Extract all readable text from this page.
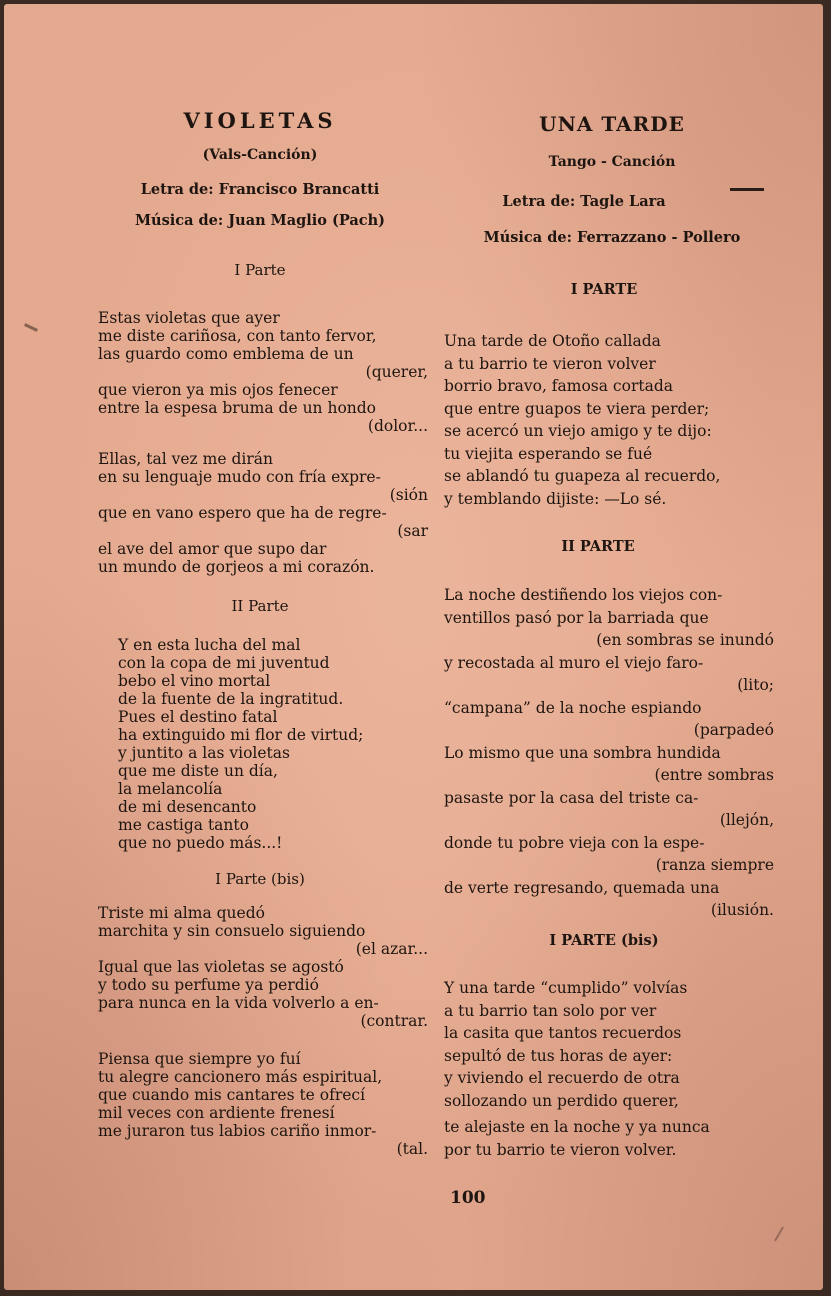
VIOLETAS
(Vals-Canción)
Letra de: Francisco Brancatti
Música de: Juan Maglio (Pach)
I Parte
Estas violetas que ayer
me diste cariñosa, con tanto fervor,
las guardo como emblema de un
(querer,
que vieron ya mis ojos fenecer
entre la espesa bruma de un hondo
(dolor...
Ellas, tal vez me dirán
en su lenguaje mudo con fría expre-
(sión
que en vano espero que ha de regre-
(sar
el ave del amor que supo dar
un mundo de gorjeos a mi corazón.
II Parte
Y en esta lucha del mal
con la copa de mi juventud
bebo el vino mortal
de la fuente de la ingratitud.
Pues el destino fatal
ha extinguido mi flor de virtud;
y juntito a las violetas
que me diste un día,
la melancolía
de mi desencanto
me castiga tanto
que no puedo más...!
I Parte (bis)
Triste mi alma quedó
marchita y sin consuelo siguiendo
(el azar...
Igual que las violetas se agostó
y todo su perfume ya perdió
para nunca en la vida volverlo a en-
(contrar.
Piensa que siempre yo fuí
tu alegre cancionero más espiritual,
que cuando mis cantares te ofrecí
mil veces con ardiente frenesí
me juraron tus labios cariño inmor-
(tal.
UNA TARDE
Tango - Canción
Letra de: Tagle Lara
Música de: Ferrazzano - Pollero
I PARTE
Una tarde de Otoño callada
a tu barrio te vieron volver
borrio bravo, famosa cortada
que entre guapos te viera perder;
se acercó un viejo amigo y te dijo:
tu viejita esperando se fué
se ablandó tu guapeza al recuerdo,
y temblando dijiste: —Lo sé.
II PARTE
La noche destiñendo los viejos con-
ventillos pasó por la barriada que
(en sombras se inundó
y recostada al muro el viejo faro-
(lito;
“campana” de la noche espiando
(parpadeó
Lo mismo que una sombra hundida
(entre sombras
pasaste por la casa del triste ca-
(llejón,
donde tu pobre vieja con la espe-
(ranza siempre
de verte regresando, quemada una
(ilusión.
I PARTE (bis)
Y una tarde “cumplido” volvías
a tu barrio tan solo por ver
la casita que tantos recuerdos
sepultó de tus horas de ayer:
y viviendo el recuerdo de otra
sollozando un perdido querer,
te alejaste en la noche y ya nunca
por tu barrio te vieron volver.
100
